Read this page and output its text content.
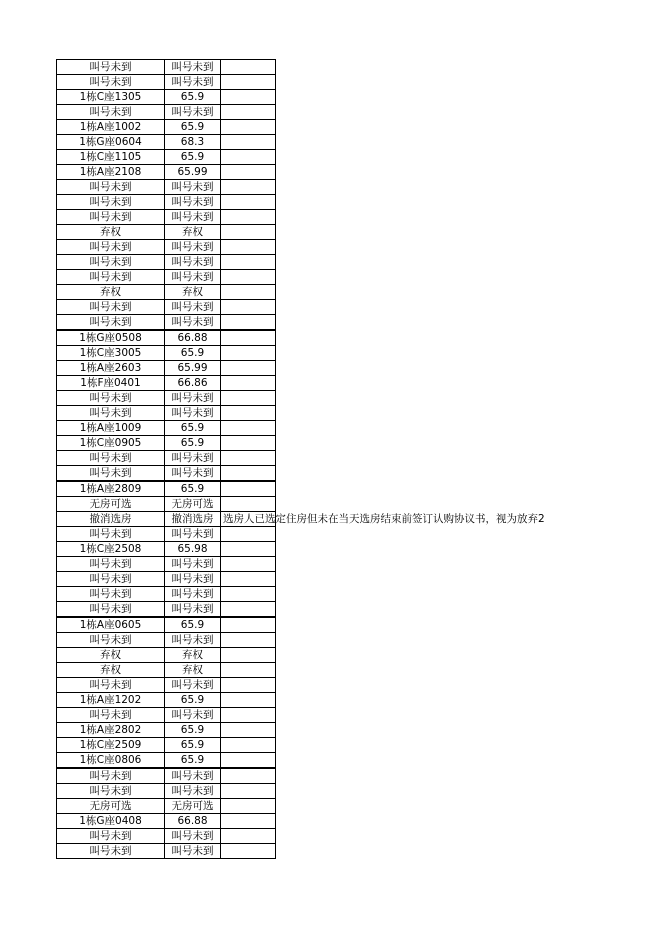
叫号未到	叫号未到	
叫号未到	叫号未到	
1栋C座1305	65.9	
叫号未到	叫号未到	
1栋A座1002	65.9	
1栋G座0604	68.3	
1栋C座1105	65.9	
1栋A座2108	65.99	
叫号未到	叫号未到	
叫号未到	叫号未到	
叫号未到	叫号未到	
弃权	弃权	
叫号未到	叫号未到	
叫号未到	叫号未到	
叫号未到	叫号未到	
弃权	弃权	
叫号未到	叫号未到	
叫号未到	叫号未到	
1栋G座0508	66.88	
1栋C座3005	65.9	
1栋A座2603	65.99	
1栋F座0401	66.86	
叫号未到	叫号未到	
叫号未到	叫号未到	
1栋A座1009	65.9	
1栋C座0905	65.9	
叫号未到	叫号未到	
叫号未到	叫号未到	
1栋A座2809	65.9	
无房可选	无房可选	
撤消选房	撤消选房	选房人已选定住房但未在当天选房结束前签订认购协议书，视为放弃2

叫号未到	叫号未到	
1栋C座2508	65.98	
叫号未到	叫号未到	
叫号未到	叫号未到	
叫号未到	叫号未到	
叫号未到	叫号未到	
1栋A座0605	65.9	
叫号未到	叫号未到	
弃权	弃权	
弃权	弃权	
叫号未到	叫号未到	
1栋A座1202	65.9	
叫号未到	叫号未到	
1栋A座2802	65.9	
1栋C座2509	65.9	
1栋C座0806	65.9	
叫号未到	叫号未到	
叫号未到	叫号未到	
无房可选	无房可选	
1栋G座0408	66.88	
叫号未到	叫号未到	
叫号未到	叫号未到	
